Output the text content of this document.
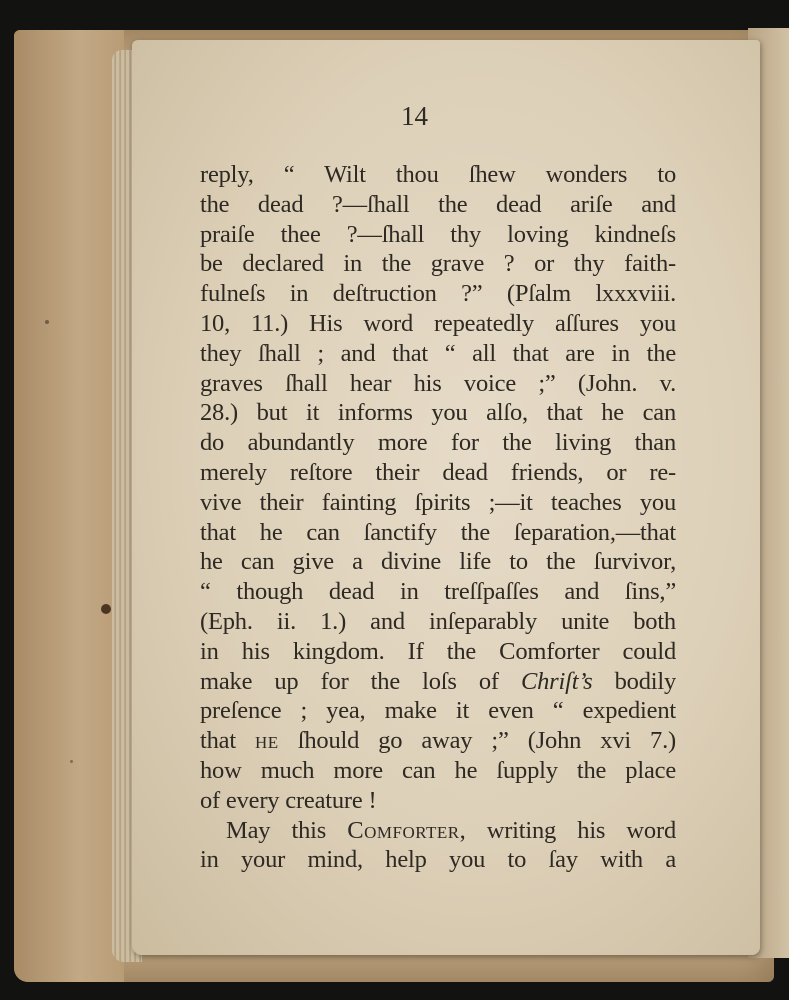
14
reply, “ Wilt thou ſhew wonders to
the dead ?—ſhall the dead ariſe and
praiſe thee ?—ſhall thy loving kindneſs
be declared in the grave ? or thy faith-
fulneſs in deſtruction ?” (Pſalm lxxxviii.
10, 11.) His word repeatedly aſſures you
they ſhall ; and that “ all that are in the
graves ſhall hear his voice ;” (John. v.
28.) but it informs you alſo, that he can
do abundantly more for the living than
merely reſtore their dead friends, or re-
vive their fainting ſpirits ;—it teaches you
that he can ſanctify the ſeparation,—that
he can give a divine life to the ſurvivor,
“ though dead in treſſpaſſes and ſins,”
(Eph. ii. 1.) and inſeparably unite both
in his kingdom. If the Comforter could
make up for the loſs of Chriſt’s bodily
preſence ; yea, make it even “ expedient
that he ſhould go away ;” (John xvi 7.)
how much more can he ſupply the place
of every creature !
May this Comforter, writing his word
in your mind, help you to ſay with a
